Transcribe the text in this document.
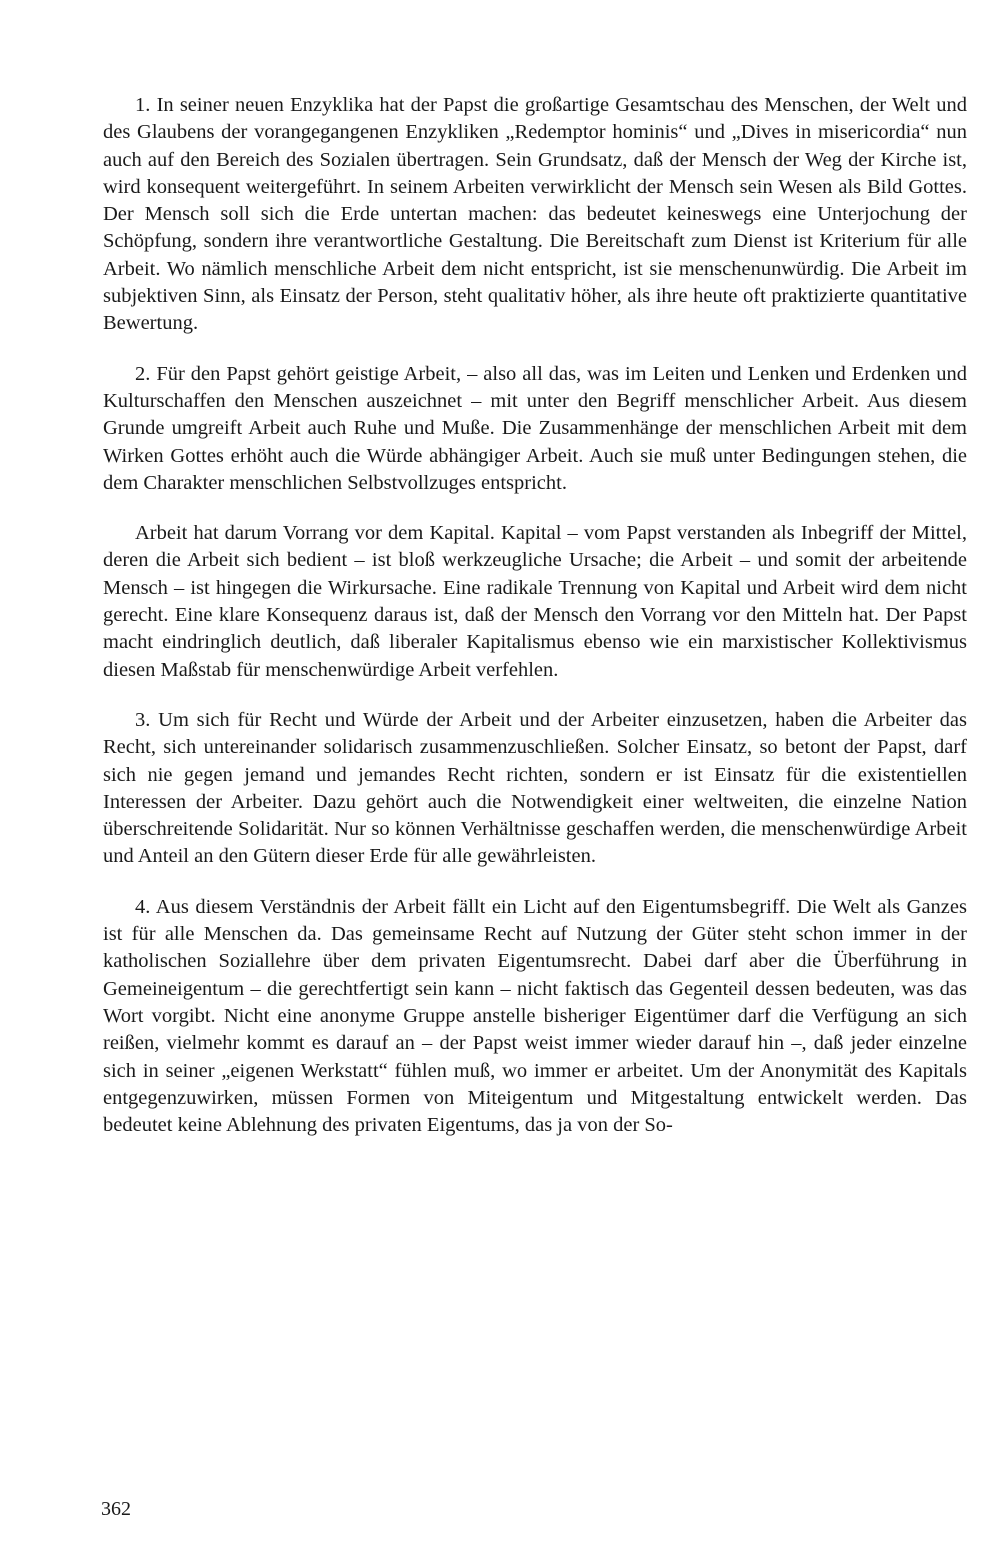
1. In seiner neuen Enzyklika hat der Papst die großartige Gesamtschau des Menschen, der Welt und des Glaubens der vorangegangenen Enzykliken „Redemptor hominis“ und „Dives in misericordia“ nun auch auf den Bereich des Sozialen übertragen. Sein Grundsatz, daß der Mensch der Weg der Kirche ist, wird konsequent weitergeführt. In seinem Arbeiten verwirklicht der Mensch sein Wesen als Bild Gottes. Der Mensch soll sich die Erde untertan machen: das bedeutet keineswegs eine Unterjochung der Schöpfung, sondern ihre verantwortliche Gestaltung. Die Bereitschaft zum Dienst ist Kriterium für alle Arbeit. Wo nämlich menschliche Arbeit dem nicht entspricht, ist sie menschenunwürdig. Die Arbeit im subjektiven Sinn, als Einsatz der Person, steht qualitativ höher, als ihre heute oft praktizierte quantitative Bewertung.

2. Für den Papst gehört geistige Arbeit, – also all das, was im Leiten und Lenken und Erdenken und Kulturschaffen den Menschen auszeichnet – mit unter den Begriff menschlicher Arbeit. Aus diesem Grunde umgreift Arbeit auch Ruhe und Muße. Die Zusammenhänge der menschlichen Arbeit mit dem Wirken Gottes erhöht auch die Würde abhängiger Arbeit. Auch sie muß unter Bedingungen stehen, die dem Charakter menschlichen Selbstvollzuges entspricht.

Arbeit hat darum Vorrang vor dem Kapital. Kapital – vom Papst verstanden als Inbegriff der Mittel, deren die Arbeit sich bedient – ist bloß werkzeugliche Ursache; die Arbeit – und somit der arbeitende Mensch – ist hingegen die Wirkursache. Eine radikale Trennung von Kapital und Arbeit wird dem nicht gerecht. Eine klare Konsequenz daraus ist, daß der Mensch den Vorrang vor den Mitteln hat. Der Papst macht eindringlich deutlich, daß liberaler Kapitalismus ebenso wie ein marxistischer Kollektivismus diesen Maßstab für menschenwürdige Arbeit verfehlen.

3. Um sich für Recht und Würde der Arbeit und der Arbeiter einzusetzen, haben die Arbeiter das Recht, sich untereinander solidarisch zusammenzuschließen. Solcher Einsatz, so betont der Papst, darf sich nie gegen jemand und jemandes Recht richten, sondern er ist Einsatz für die existentiellen Interessen der Arbeiter. Dazu gehört auch die Notwendigkeit einer weltweiten, die einzelne Nation überschreitende Solidarität. Nur so können Verhältnisse geschaffen werden, die menschenwürdige Arbeit und Anteil an den Gütern dieser Erde für alle gewährleisten.

4. Aus diesem Verständnis der Arbeit fällt ein Licht auf den Eigentumsbegriff. Die Welt als Ganzes ist für alle Menschen da. Das gemeinsame Recht auf Nutzung der Güter steht schon immer in der katholischen Soziallehre über dem privaten Eigentumsrecht. Dabei darf aber die Überführung in Gemeineigentum – die gerechtfertigt sein kann – nicht faktisch das Gegenteil dessen bedeuten, was das Wort vorgibt. Nicht eine anonyme Gruppe anstelle bisheriger Eigentümer darf die Verfügung an sich reißen, vielmehr kommt es darauf an – der Papst weist immer wieder darauf hin –, daß jeder einzelne sich in seiner „eigenen Werkstatt“ fühlen muß, wo immer er arbeitet. Um der Anonymität des Kapitals entgegenzuwirken, müssen Formen von Miteigentum und Mitgestaltung entwickelt werden. Das bedeutet keine Ablehnung des privaten Eigentums, das ja von der So-

362
